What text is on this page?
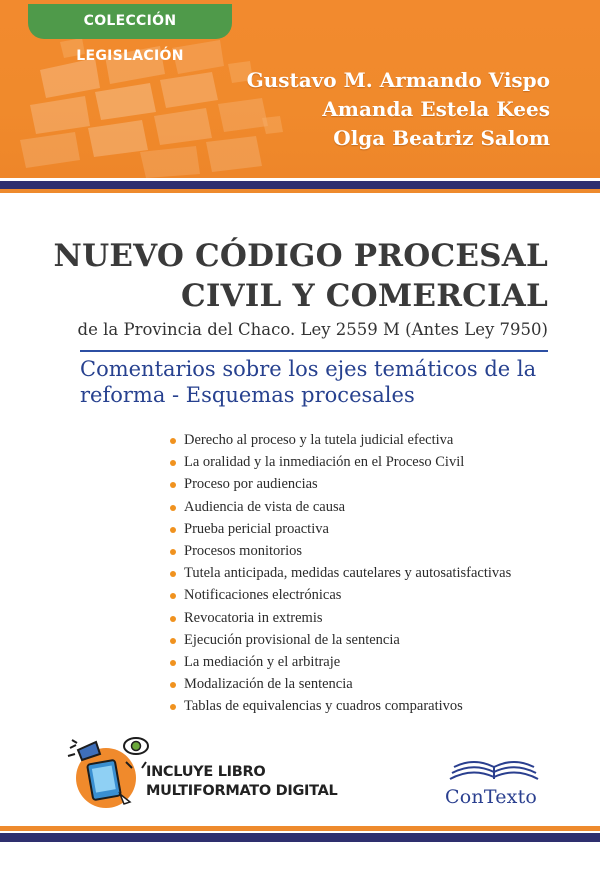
COLECCIÓN LEGISLACIÓN
Gustavo M. Armando Vispo
Amanda Estela Kees
Olga Beatriz Salom
NUEVO CÓDIGO PROCESAL
CIVIL Y COMERCIAL
de la Provincia del Chaco. Ley 2559 M (Antes Ley 7950)
Comentarios sobre los ejes temáticos de la
reforma - Esquemas procesales
Derecho al proceso y la tutela judicial efectiva
La oralidad y la inmediación en el Proceso Civil
Proceso por audiencias
Audiencia de vista de causa
Prueba pericial proactiva
Procesos monitorios
Tutela anticipada, medidas cautelares y autosatisfactivas
Notificaciones electrónicas
Revocatoria in extremis
Ejecución provisional de la sentencia
La mediación y el arbitraje
Modalización de la sentencia
Tablas de equivalencias y cuadros comparativos
INCLUYE LIBRO
MULTIFORMATO DIGITAL	ConTexto
